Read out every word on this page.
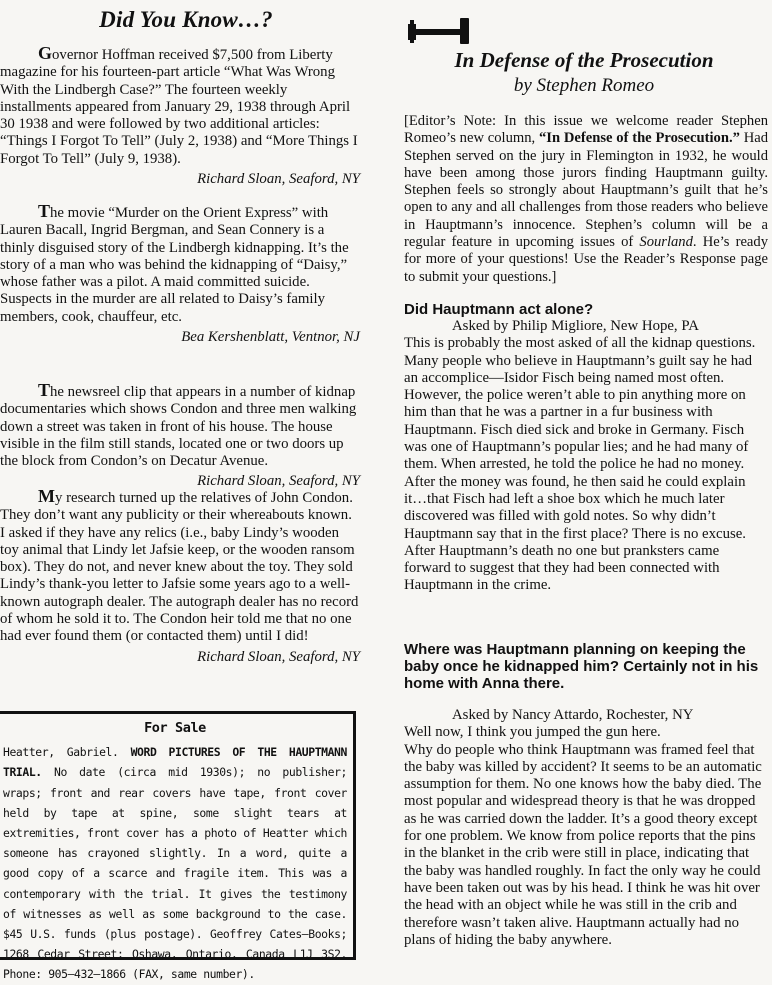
Did You Know…?

Governor Hoffman received $7,500 from Liberty magazine for his fourteen-part article “What Was Wrong With the Lindbergh Case?” The fourteen weekly installments appeared from January 29, 1938 through April 30 1938 and were followed by two additional articles: “Things I Forgot To Tell” (July 2, 1938) and “More Things I Forgot To Tell” (July 9, 1938).

Richard Sloan, Seaford, NY

The movie “Murder on the Orient Express” with Lauren Bacall, Ingrid Bergman, and Sean Connery is a thinly disguised story of the Lindbergh kidnapping. It’s the story of a man who was behind the kidnapping of “Daisy,” whose father was a pilot. A maid committed suicide. Suspects in the murder are all related to Daisy’s family members, cook, chauffeur, etc.

Bea Kershenblatt, Ventnor, NJ

The newsreel clip that appears in a number of kidnap documentaries which shows Condon and three men walking down a street was taken in front of his house. The house visible in the film still stands, located one or two doors up the block from Condon’s on Decatur Avenue.

Richard Sloan, Seaford, NY

My research turned up the relatives of John Condon. They don’t want any publicity or their whereabouts known. I asked if they have any relics (i.e., baby Lindy’s wooden toy animal that Lindy let Jafsie keep, or the wooden ransom box). They do not, and never knew about the toy. They sold Lindy’s thank-you letter to Jafsie some years ago to a well-known autograph dealer. The autograph dealer has no record of whom he sold it to. The Condon heir told me that no one had ever found them (or contacted them) until I did!

Richard Sloan, Seaford, NY
For Sale

Heatter, Gabriel. WORD PICTURES OF THE HAUPTMANN TRIAL. No date (circa mid 1930s); no publisher; wraps; front and rear covers have tape, front cover held by tape at spine, some slight tears at extremities, front cover has a photo of Heatter which someone has crayoned slightly. In a word, quite a good copy of a scarce and fragile item. This was a contemporary with the trial. It gives the testimony of witnesses as well as some background to the case. $45 U.S. funds (plus postage). Geoffrey Cates—Books; 1268 Cedar Street; Oshawa, Ontario, Canada L1J 3S2. Phone: 905—432—1866 (FAX, same number).

In Defense of the Prosecution
by Stephen Romeo
[Editor’s Note: In this issue we welcome reader Stephen Romeo’s new column, “In Defense of the Prosecution.” Had Stephen served on the jury in Flemington in 1932, he would have been among those jurors finding Hauptmann guilty. Stephen feels so strongly about Hauptmann’s guilt that he’s open to any and all challenges from those readers who believe in Hauptmann’s innocence. Stephen’s column will be a regular feature in upcoming issues of Sourland. He’s ready for more of your questions! Use the Reader’s Response page to submit your questions.]
Did Hauptmann act alone?

Asked by Philip Migliore, New Hope, PA

This is probably the most asked of all the kidnap questions. Many people who believe in Hauptmann’s guilt say he had an accomplice—Isidor Fisch being named most often. However, the police weren’t able to pin anything more on him than that he was a partner in a fur business with Hauptmann. Fisch died sick and broke in Germany. Fisch was one of Hauptmann’s popular lies; and he had many of them. When arrested, he told the police he had no money. After the money was found, he then said he could explain it…that Fisch had left a shoe box which he much later discovered was filled with gold notes. So why didn’t Hauptmann say that in the first place? There is no excuse. After Hauptmann’s death no one but pranksters came forward to suggest that they had been connected with Hauptmann in the crime.

Where was Hauptmann planning on keeping the baby once he kidnapped him? Certainly not in his home with Anna there.

Asked by Nancy Attardo, Rochester, NY

Well now, I think you jumped the gun here.

Why do people who think Hauptmann was framed feel that the baby was killed by accident? It seems to be an automatic assumption for them. No one knows how the baby died. The most popular and widespread theory is that he was dropped as he was carried down the ladder. It’s a good theory except for one problem. We know from police reports that the pins in the blanket in the crib were still in place, indicating that the baby was handled roughly. In fact the only way he could have been taken out was by his head. I think he was hit over the head with an object while he was still in the crib and therefore wasn’t taken alive. Hauptmann actually had no plans of hiding the baby anywhere.
